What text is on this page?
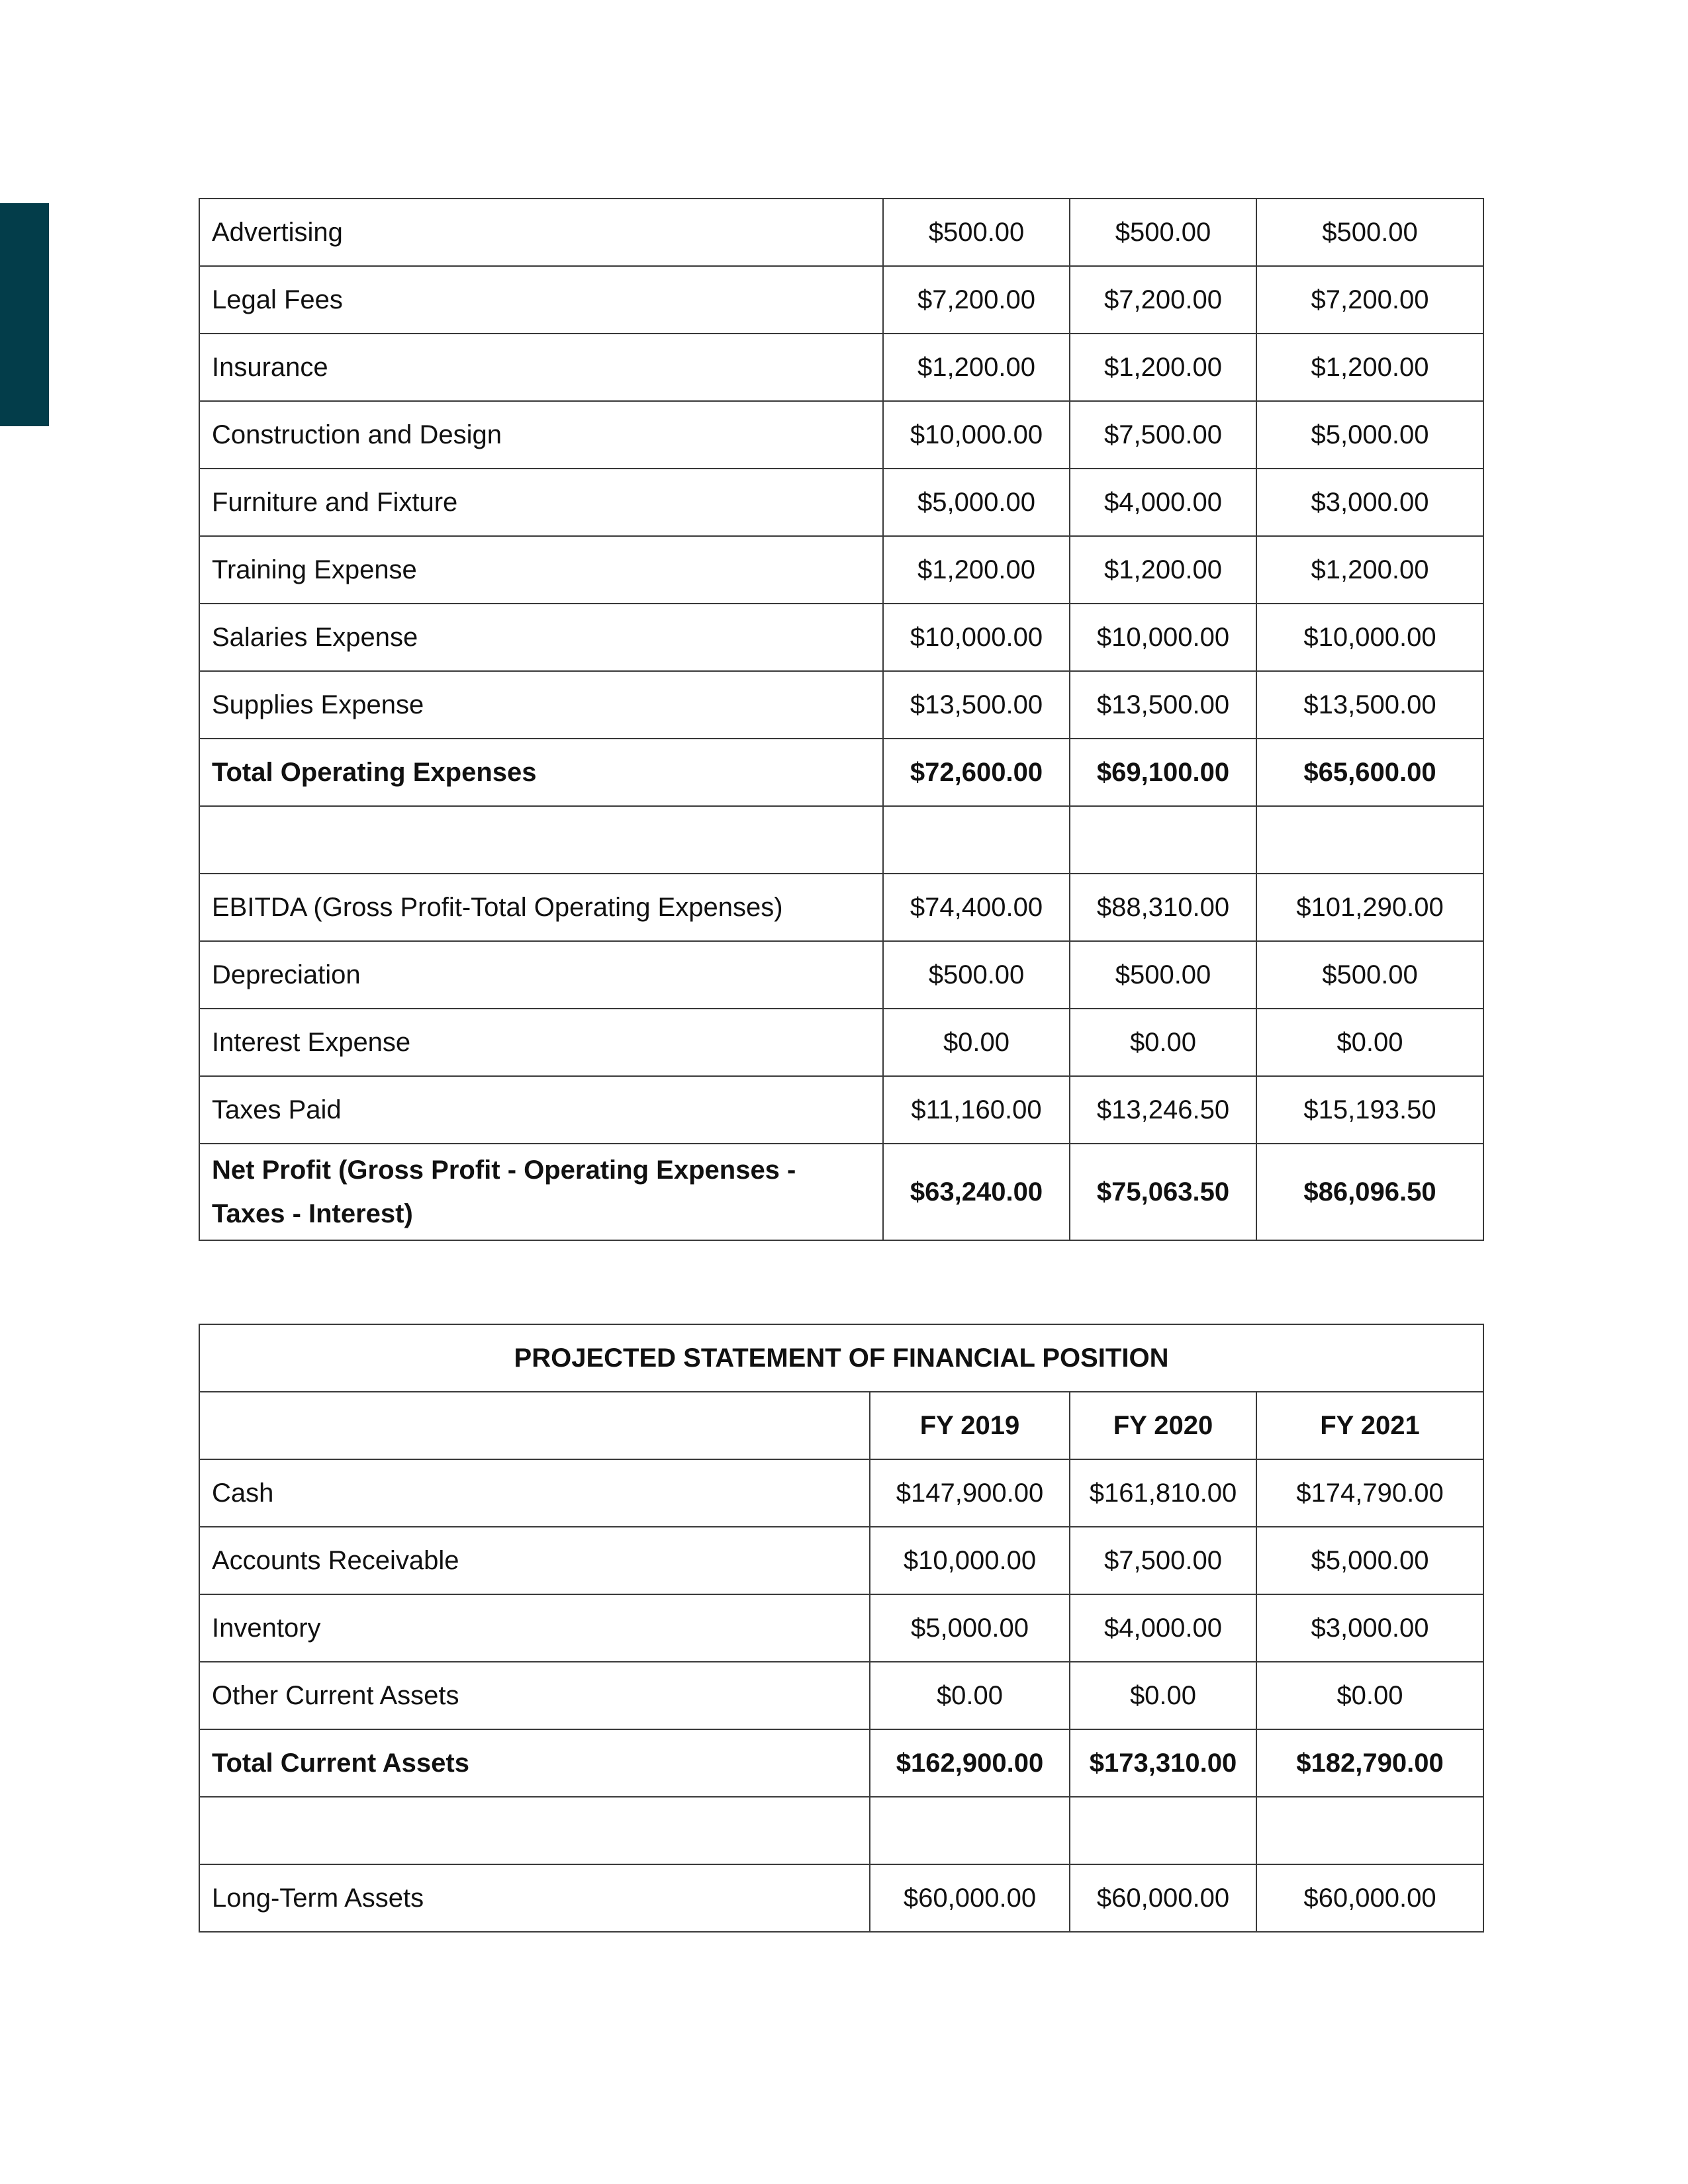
Advertising	$500.00	$500.00	$500.00
Legal Fees	$7,200.00	$7,200.00	$7,200.00
Insurance	$1,200.00	$1,200.00	$1,200.00
Construction and Design	$10,000.00	$7,500.00	$5,000.00
Furniture and Fixture	$5,000.00	$4,000.00	$3,000.00
Training Expense	$1,200.00	$1,200.00	$1,200.00
Salaries Expense	$10,000.00	$10,000.00	$10,000.00
Supplies Expense	$13,500.00	$13,500.00	$13,500.00
Total Operating Expenses	$72,600.00	$69,100.00	$65,600.00

EBITDA (Gross Profit-Total Operating Expenses)	$74,400.00	$88,310.00	$101,290.00
Depreciation	$500.00	$500.00	$500.00
Interest Expense	$0.00	$0.00	$0.00
Taxes Paid	$11,160.00	$13,246.50	$15,193.50
Net Profit (Gross Profit - Operating Expenses - Taxes - Interest)	$63,240.00	$75,063.50	$86,096.50
PROJECTED STATEMENT OF FINANCIAL POSITION			
	FY 2019	FY 2020	FY 2021
Cash	$147,900.00	$161,810.00	$174,790.00
Accounts Receivable	$10,000.00	$7,500.00	$5,000.00
Inventory	$5,000.00	$4,000.00	$3,000.00
Other Current Assets	$0.00	$0.00	$0.00
Total Current Assets	$162,900.00	$173,310.00	$182,790.00

Long-Term Assets	$60,000.00	$60,000.00	$60,000.00
